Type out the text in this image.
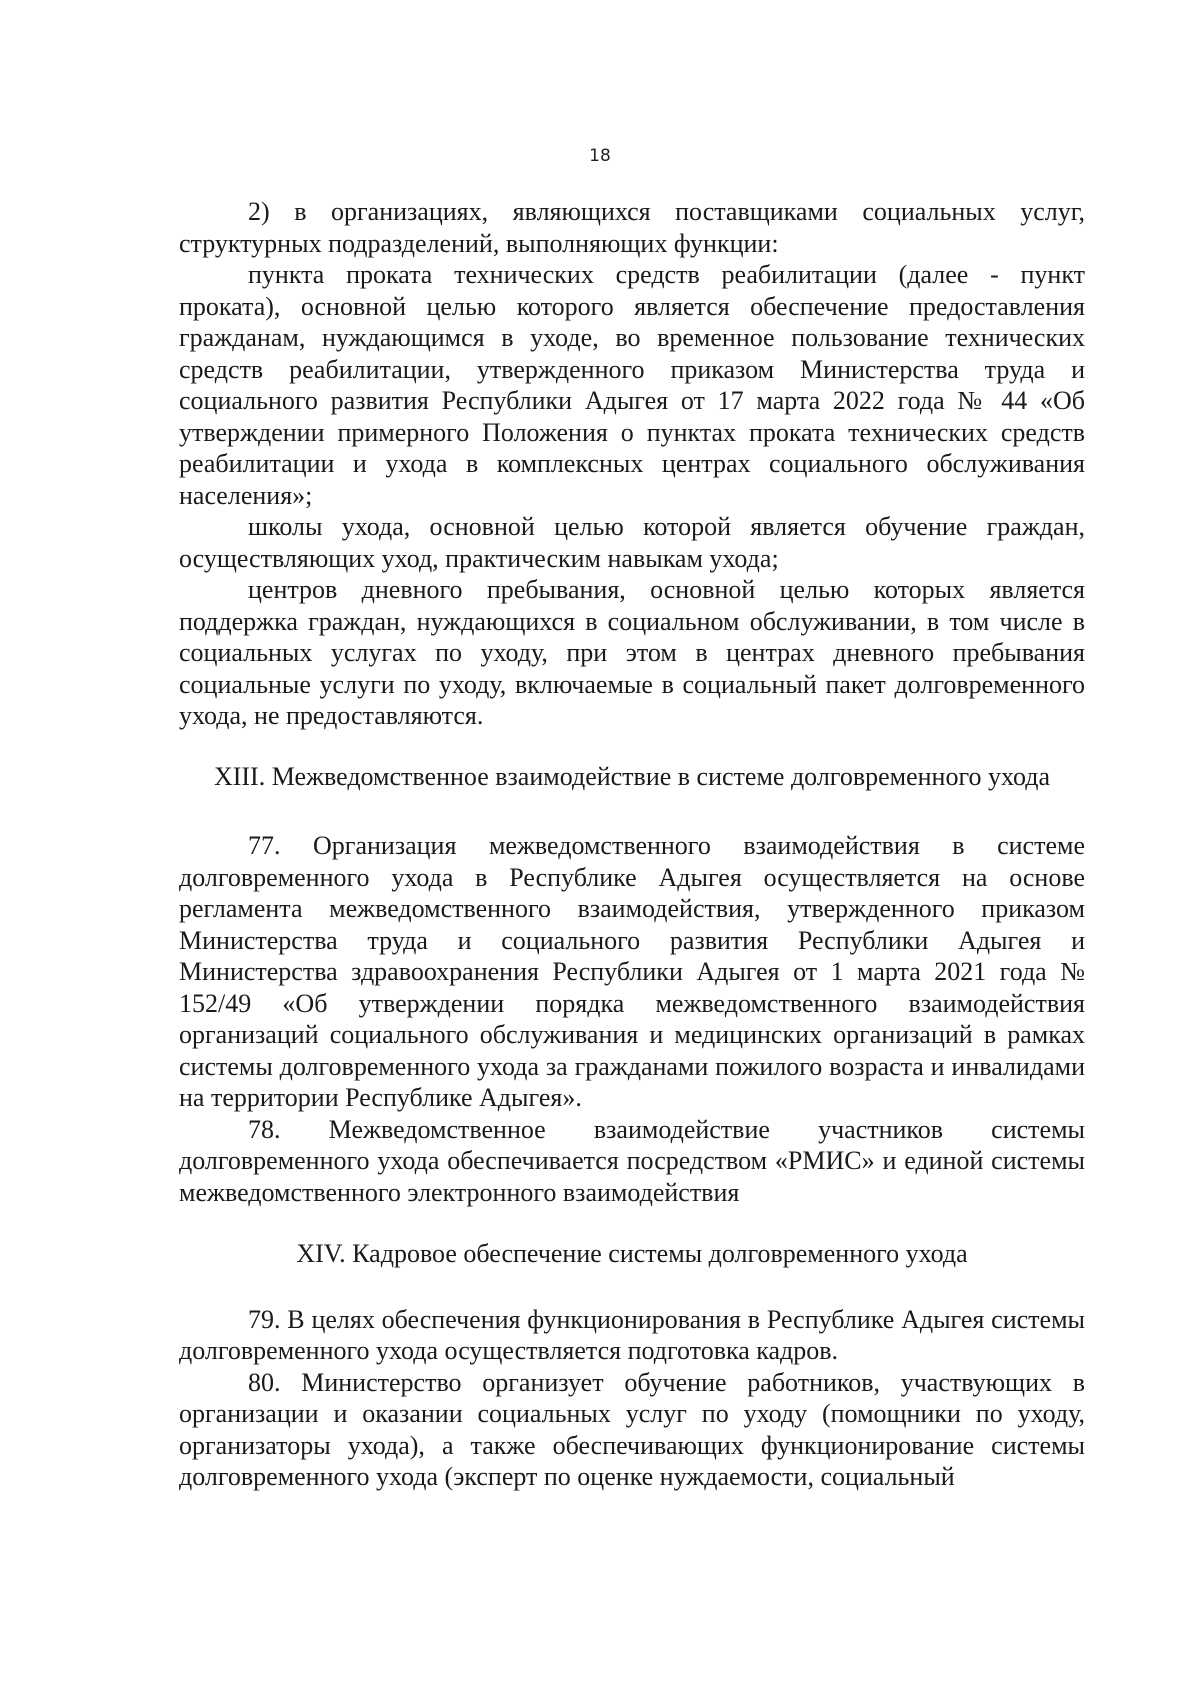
18

2) в организациях, являющихся поставщиками социальных услуг, структурных подразделений, выполняющих функции:

пункта проката технических средств реабилитации (далее - пункт проката), основной целью которого является обеспечение предоставления гражданам, нуждающимся в уходе, во временное пользование технических средств реабилитации, утвержденного приказом Министерства труда и социального развития Республики Адыгея от 17 марта 2022 года № 44 «Об утверждении примерного Положения о пунктах проката технических средств реабилитации и ухода в комплексных центрах социального обслуживания населения»;

школы ухода, основной целью которой является обучение граждан, осуществляющих уход, практическим навыкам ухода;

центров дневного пребывания, основной целью которых является поддержка граждан, нуждающихся в социальном обслуживании, в том числе в социальных услугах по уходу, при этом в центрах дневного пребывания социальные услуги по уходу, включаемые в социальный пакет долговременного ухода, не предоставляются.

XIII. Межведомственное взаимодействие в системе долговременного ухода

77. Организация межведомственного взаимодействия в системе долговременного ухода в Республике Адыгея осуществляется на основе регламента межведомственного взаимодействия, утвержденного приказом Министерства труда и социального развития Республики Адыгея и Министерства здравоохранения Республики Адыгея от 1 марта 2021 года № 152/49 «Об утверждении порядка межведомственного взаимодействия организаций социального обслуживания и медицинских организаций в рамках системы долговременного ухода за гражданами пожилого возраста и инвалидами на территории Республике Адыгея».

78. Межведомственное взаимодействие участников системы долговременного ухода обеспечивается посредством «РМИС» и единой системы межведомственного электронного взаимодействия

XIV. Кадровое обеспечение системы долговременного ухода

79. В целях обеспечения функционирования в Республике Адыгея системы долговременного ухода осуществляется подготовка кадров.

80. Министерство организует обучение работников, участвующих в организации и оказании социальных услуг по уходу (помощники по уходу, организаторы ухода), а также обеспечивающих функционирование системы долговременного ухода (эксперт по оценке нуждаемости, социальный
